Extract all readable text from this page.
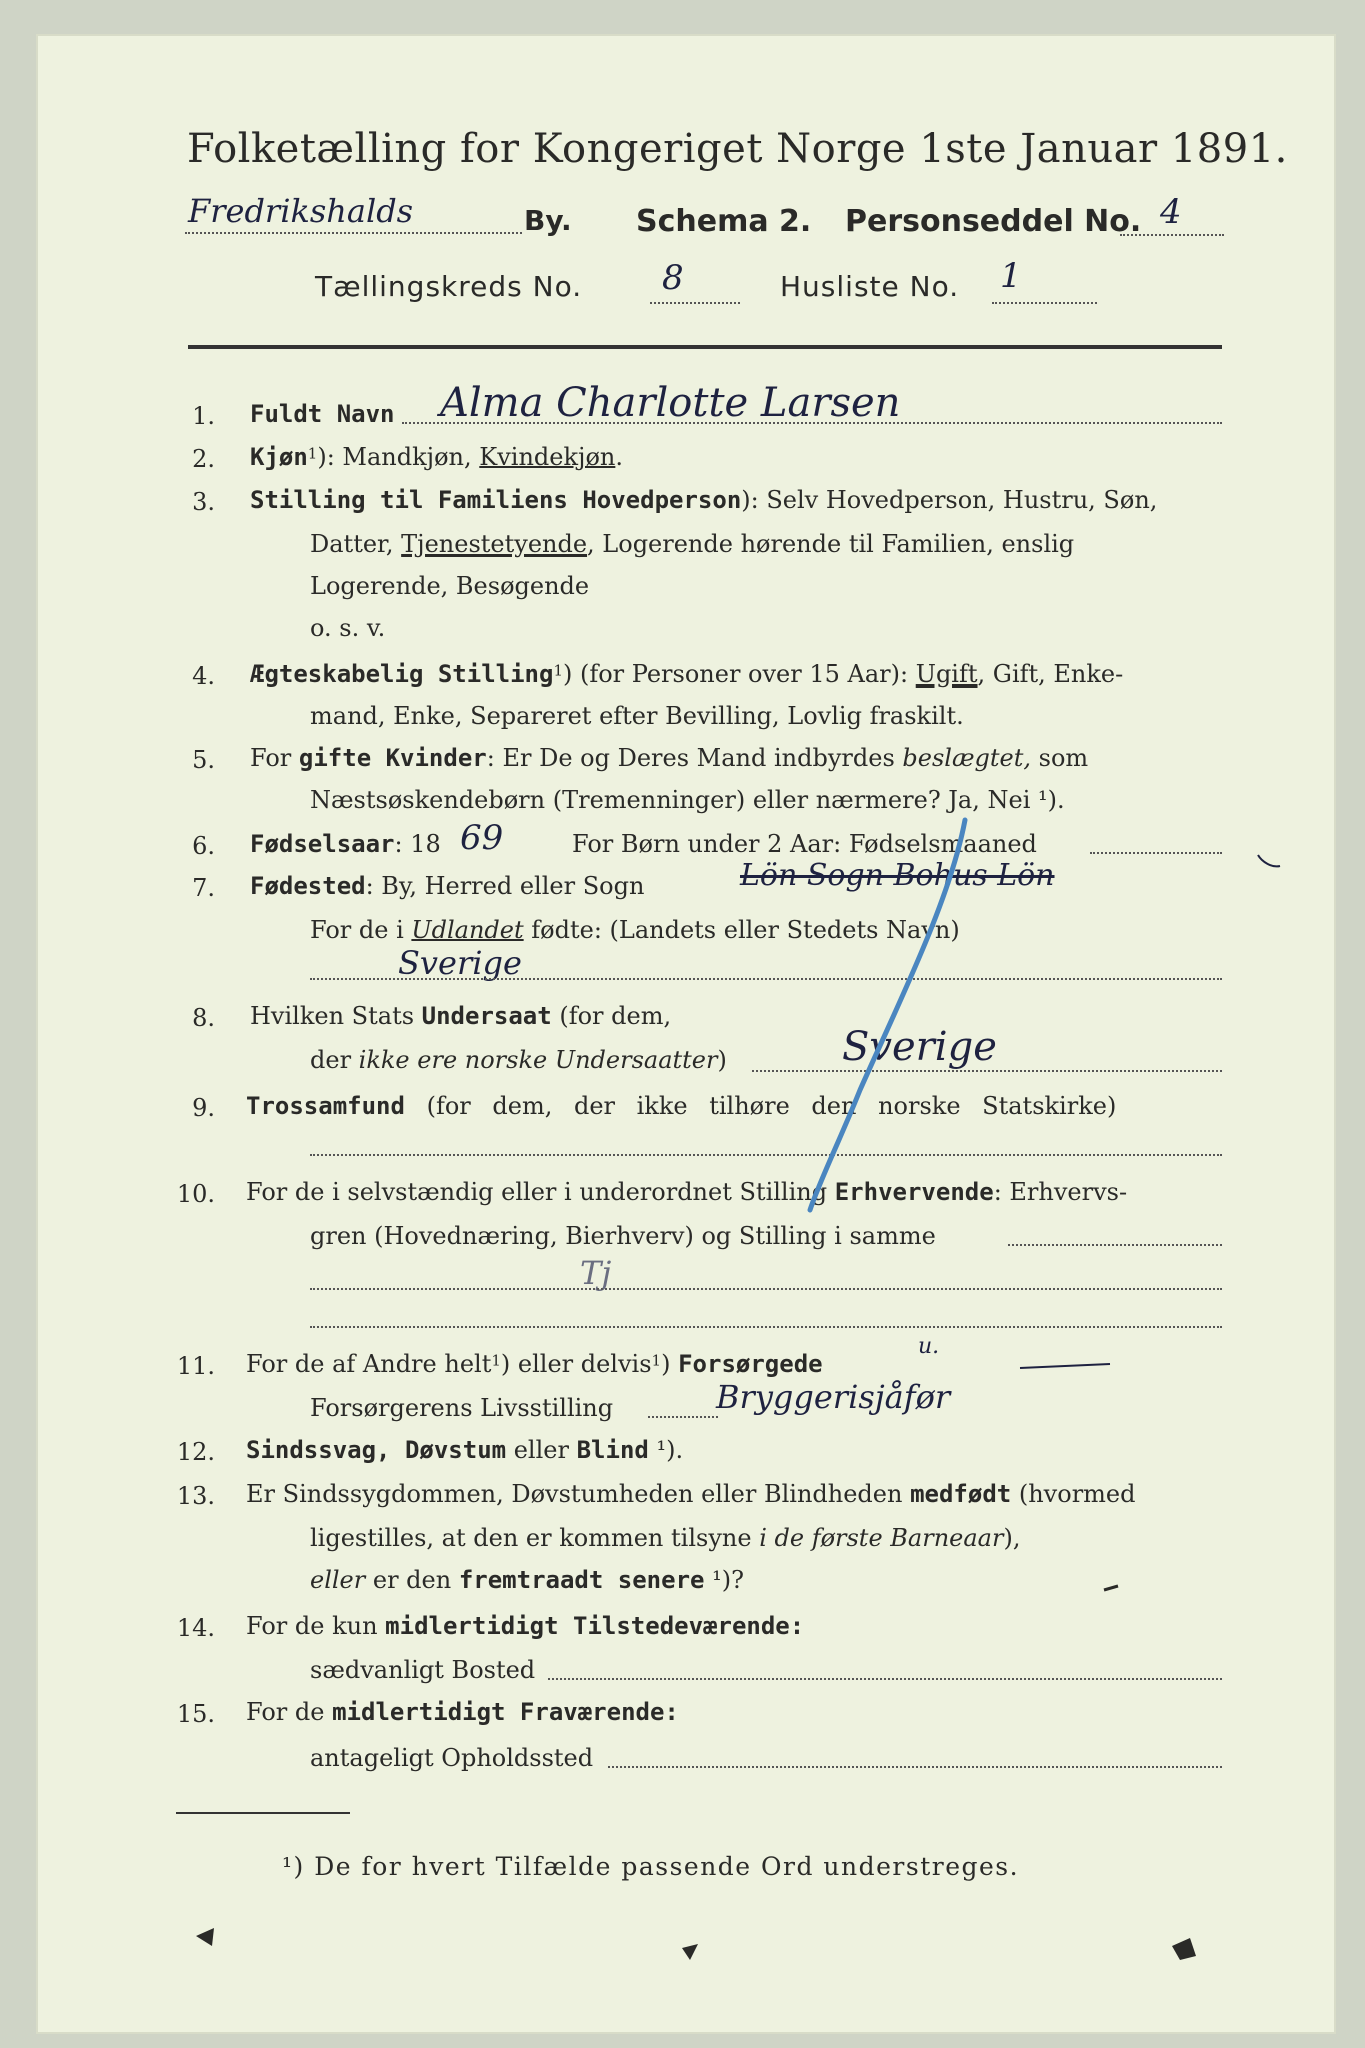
Folketælling for Kongeriget Norge 1ste Januar 1891.
Fredrikshalds	By. Schema 2. Personseddel No. 4
Tællingskreds No. 8	Husliste No. 1
1. Fuldt Navn Alma Charlotte Larsen
2. Kjøn1): Mandkjøn, Kvindekjøn.
3. Stilling til Familiens Hovedperson): Selv Hovedperson, Hustru, Søn,
Datter, Tjenestetyende, Logerende hørende til Familien, enslig
Logerende, Besøgende
o. s. v.
4. Ægteskabelig Stilling1) (for Personer over 15 Aar): Ugift, Gift, Enke-
mand, Enke, Separeret efter Bevilling, Lovlig fraskilt.
5. For gifte Kvinder: Er De og Deres Mand indbyrdes beslægtet, som
Næstsøskendebørn (Tremenninger) eller nærmere? Ja, Nei ¹).
6. Fødselsaar: 18 69	For Børn under 2 Aar: Fødselsmaaned
7. Fødested: By, Herred eller Sogn	Lön Sogn Bohus Lön
For de i Udlandet fødte: (Landets eller Stedets Navn)
Sverige
8. Hvilken Stats Undersaat (for dem,
der ikke ere norske Undersaatter)	Sverige
9. Trossamfund (for dem, der ikke tilhøre den norske Statskirke)
10. For de i selvstændig eller i underordnet Stilling Erhvervende: Erhvervs-
gren (Hovednæring, Bierhverv) og Stilling i samme
Tj
11. For de af Andre helt1) eller delvis1) Forsørgede
u.
Forsørgerens Livsstilling	Bryggerisjåfør
12. Sindssvag, Døvstum eller Blind ¹).
13. Er Sindssygdommen, Døvstumheden eller Blindheden medfødt (hvormed
ligestilles, at den er kommen tilsyne i de første Barneaar),
eller er den fremtraadt senere ¹)?
14. For de kun midlertidigt Tilstedeværende:
sædvanligt Bosted
15. For de midlertidigt Fraværende:
antageligt Opholdssted
¹) De for hvert Tilfælde passende Ord understreges.
